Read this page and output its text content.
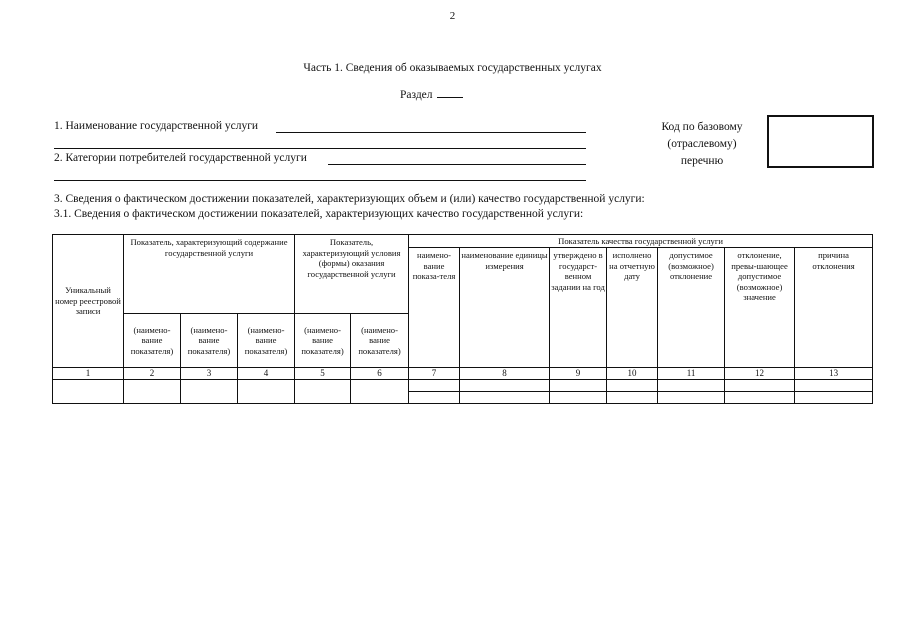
2
Часть 1. Сведения об оказываемых государственных услугах
Раздел
1. Наименование государственной услуги
2. Категории потребителей государственной услуги
Код по базовому
(отраслевому)
перечню
3. Сведения о фактическом достижении показателей, характеризующих объем и (или) качество государственной услуги:
3.1. Сведения о фактическом достижении показателей, характеризующих качество государственной услуги:
Уникальный номер реестровой записи	Показатель, характеризующий содержание государственной услуги			Показатель, характеризующий условия (формы) оказания государственной услуги		Показатель качества государственной услуги						
						наимено-вание показа-теля	наименование единицы измерения	утверждено в государст-венном задании на год	исполнено на отчетную дату	допустимое (возможное) отклонение	отклонение, превы-шающее допустимое (возможное) значение	причина отклонения
	(наимено-вание показателя)	(наимено-вание показателя)	(наимено-вание показателя)	(наимено-вание показателя)	(наимено-вание показателя)							
1	2	3	4	5	6	7	8	9	10	11	12	13
